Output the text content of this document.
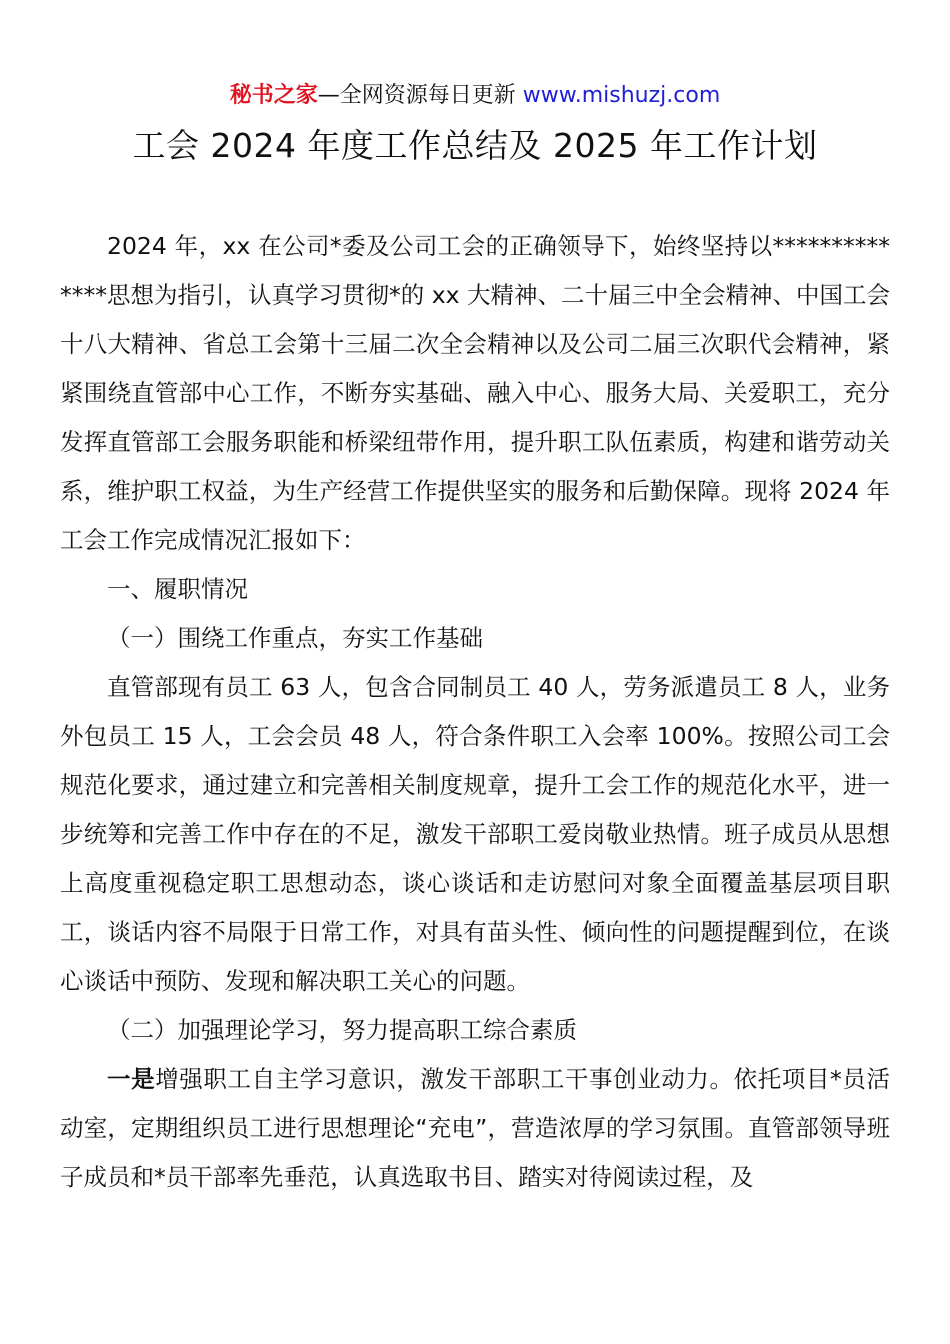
秘书之家—全网资源每日更新 www.mishuzj.com
工会 2024 年度工作总结及 2025 年工作计划

2024 年，xx 在公司*委及公司工会的正确领导下，始终坚持以**************思想为指引，认真学习贯彻*的 xx 大精神、二十届三中全会精神、中国工会十八大精神、省总工会第十三届二次全会精神以及公司二届三次职代会精神，紧紧围绕直管部中心工作，不断夯实基础、融入中心、服务大局、关爱职工，充分发挥直管部工会服务职能和桥梁纽带作用，提升职工队伍素质，构建和谐劳动关系，维护职工权益，为生产经营工作提供坚实的服务和后勤保障。现将 2024 年工会工作完成情况汇报如下：

一、履职情况

（一）围绕工作重点，夯实工作基础

直管部现有员工 63 人，包含合同制员工 40 人，劳务派遣员工 8 人，业务外包员工 15 人，工会会员 48 人，符合条件职工入会率 100%。按照公司工会规范化要求，通过建立和完善相关制度规章，提升工会工作的规范化水平，进一步统筹和完善工作中存在的不足，激发干部职工爱岗敬业热情。班子成员从思想上高度重视稳定职工思想动态，谈心谈话和走访慰问对象全面覆盖基层项目职工，谈话内容不局限于日常工作，对具有苗头性、倾向性的问题提醒到位，在谈心谈话中预防、发现和解决职工关心的问题。

（二）加强理论学习，努力提高职工综合素质

一是增强职工自主学习意识，激发干部职工干事创业动力。依托项目*员活动室，定期组织员工进行思想理论“充电”，营造浓厚的学习氛围。直管部领导班子成员和*员干部率先垂范，认真选取书目、踏实对待阅读过程，及
